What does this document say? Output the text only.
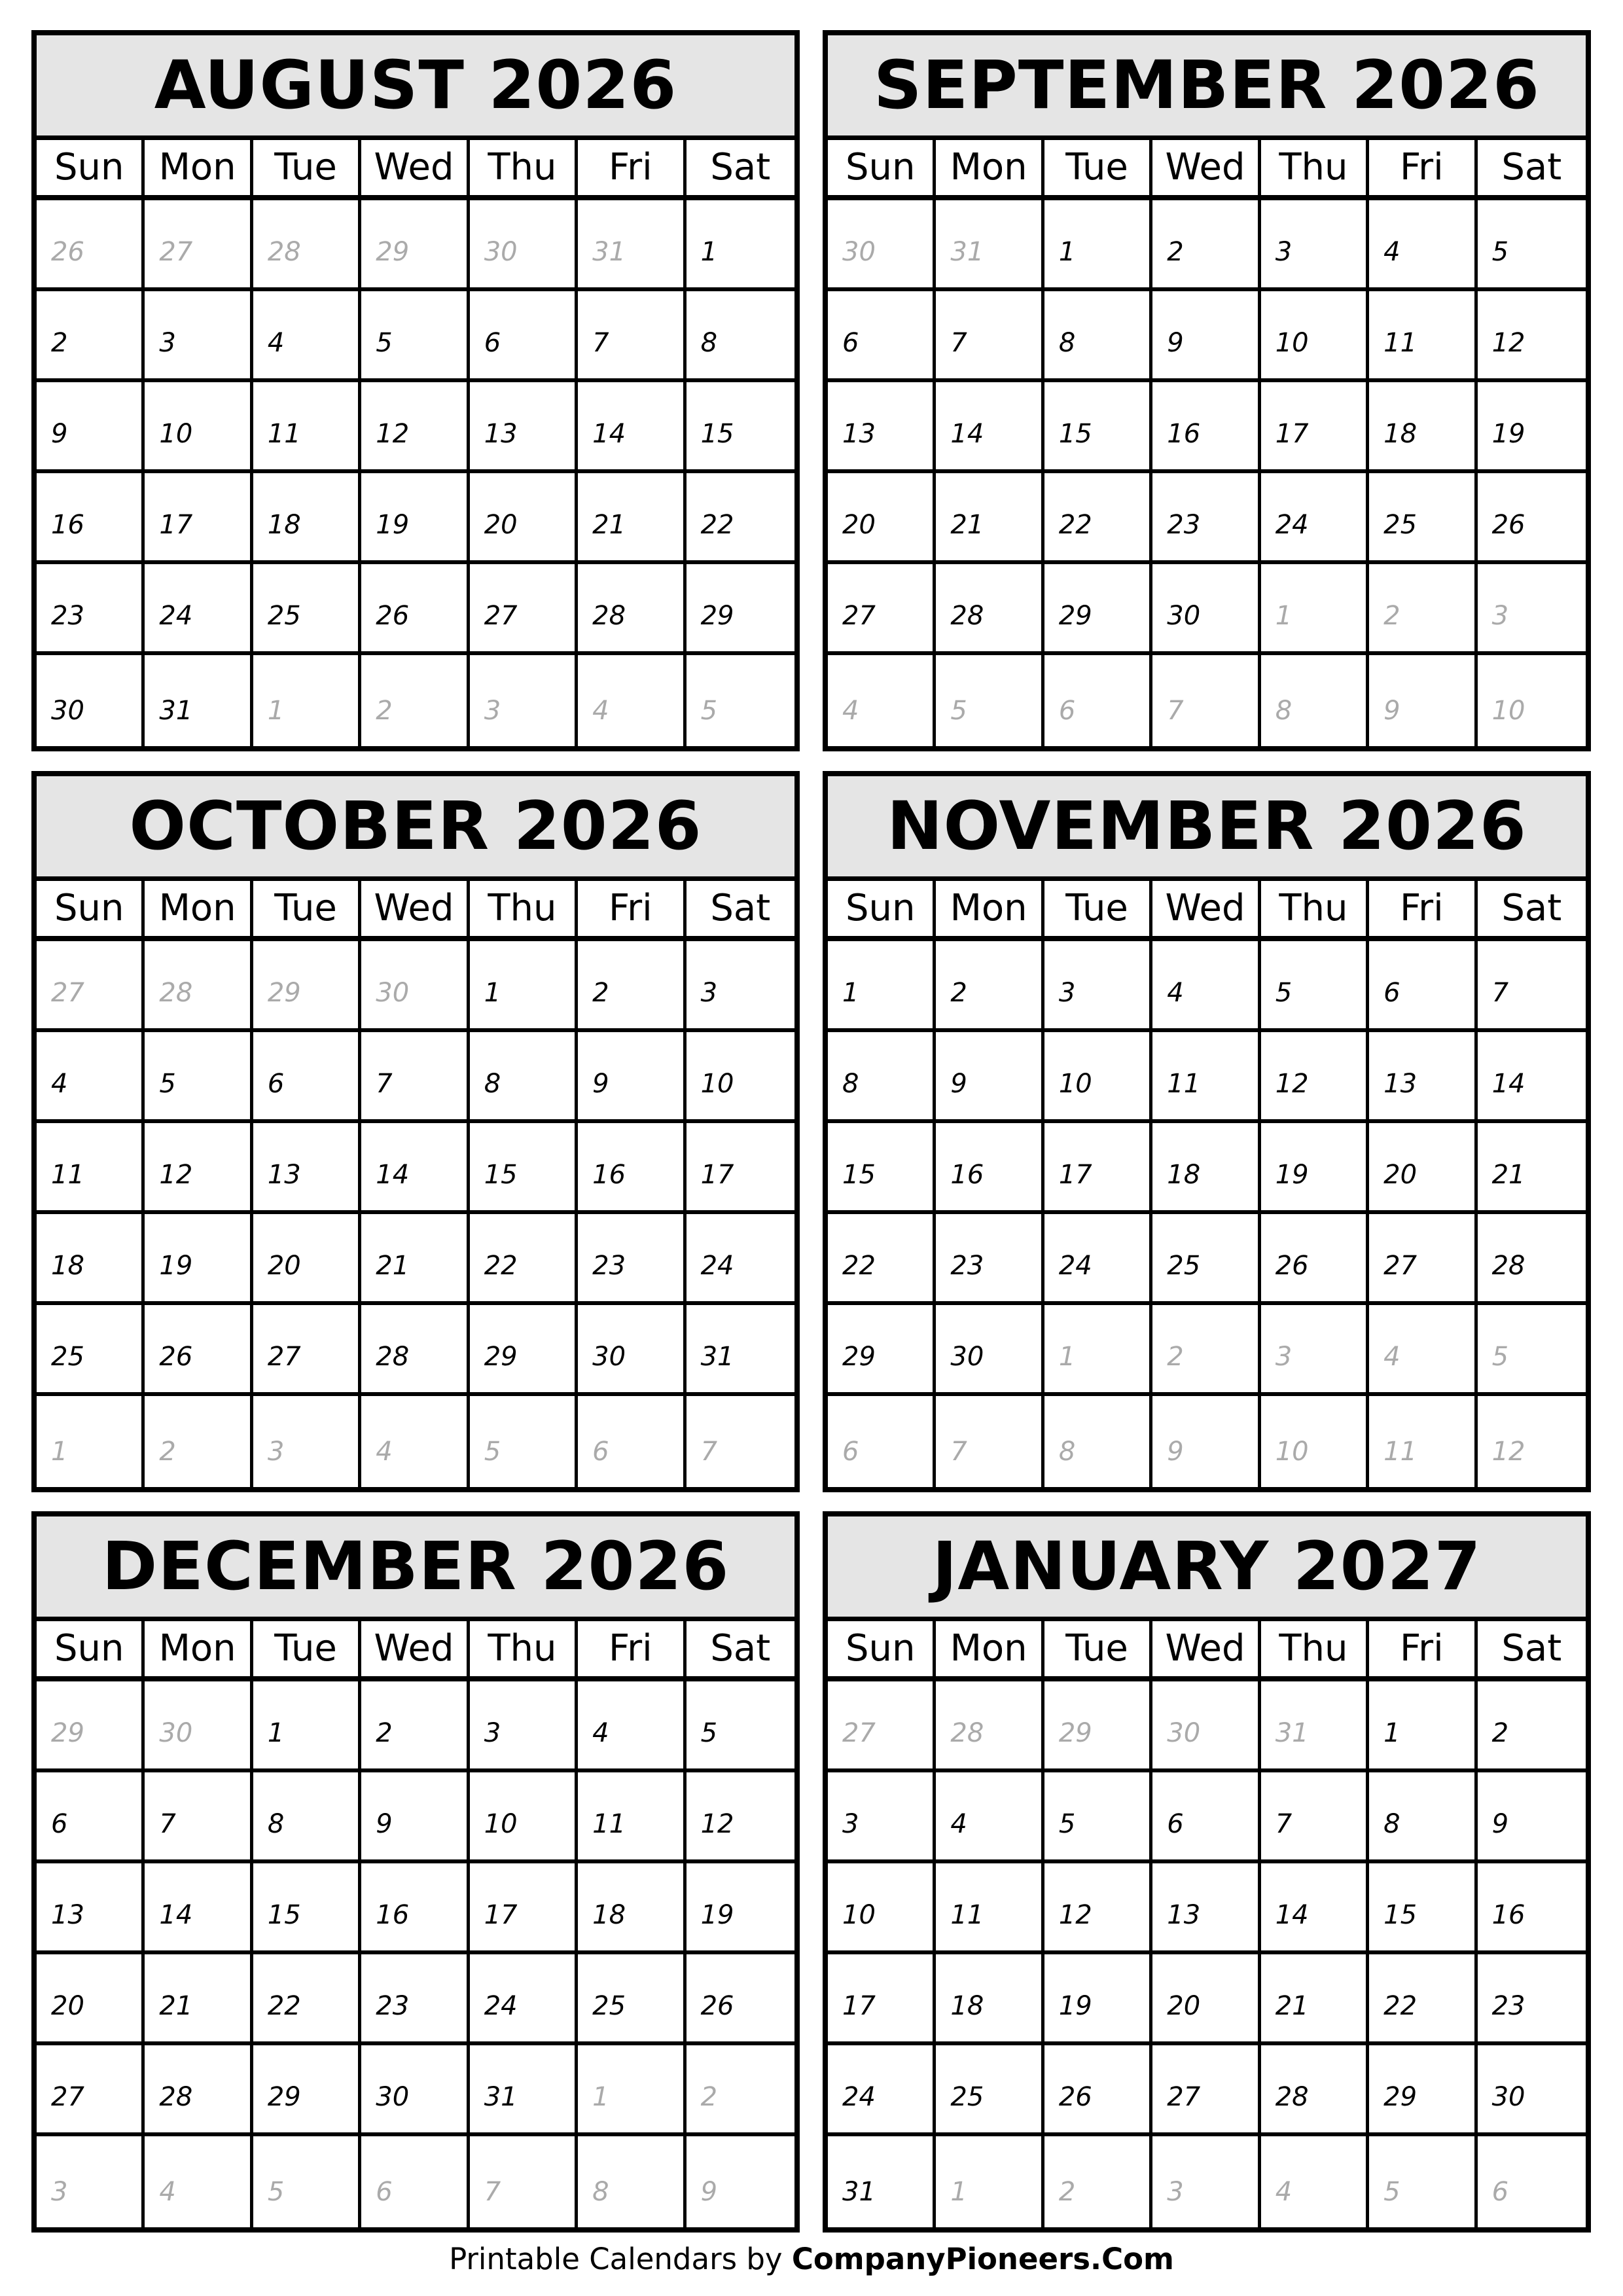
AUGUST 2026
Sun Mon	Tue	Wed Thu	Fri	Sat
26	27	28	29	30	31	1
2	3	4	5	6	7	8
9	10	11	12	13	14	15
16	17	18	19	20	21	22
23	24	25	26	27	28	29
30	31	1	2	3	4	5
SEPTEMBER 2026
Sun Mon	Tue	Wed Thu	Fri	Sat
30	31	1	2	3	4	5
6	7	8	9	10	11	12
13	14	15	16	17	18	19
20	21	22	23	24	25	26
27	28	29	30	1	2	3
4	5	6	7	8	9	10
OCTOBER 2026
Sun Mon	Tue	Wed Thu	Fri	Sat
27	28	29	30	1	2	3
4	5	6	7	8	9	10
11	12	13	14	15	16	17
18	19	20	21	22	23	24
25	26	27	28	29	30	31
1	2	3	4	5	6	7
NOVEMBER 2026
Sun Mon	Tue	Wed Thu	Fri	Sat
1	2	3	4	5	6	7
8	9	10	11	12	13	14
15	16	17	18	19	20	21
22	23	24	25	26	27	28
29	30	1	2	3	4	5
6	7	8	9	10	11	12
DECEMBER 2026
Sun Mon	Tue	Wed Thu	Fri	Sat
29	30	1	2	3	4	5
6	7	8	9	10	11	12
13	14	15	16	17	18	19
20	21	22	23	24	25	26
27	28	29	30	31	1	2
3	4	5	6	7	8	9
JANUARY 2027
Sun Mon	Tue	Wed Thu	Fri	Sat
27	28	29	30	31	1	2
3	4	5	6	7	8	9
10	11	12	13	14	15	16
17	18	19	20	21	22	23
24	25	26	27	28	29	30
31	1	2	3	4	5	6
Printable Calendars by CompanyPioneers.Com
